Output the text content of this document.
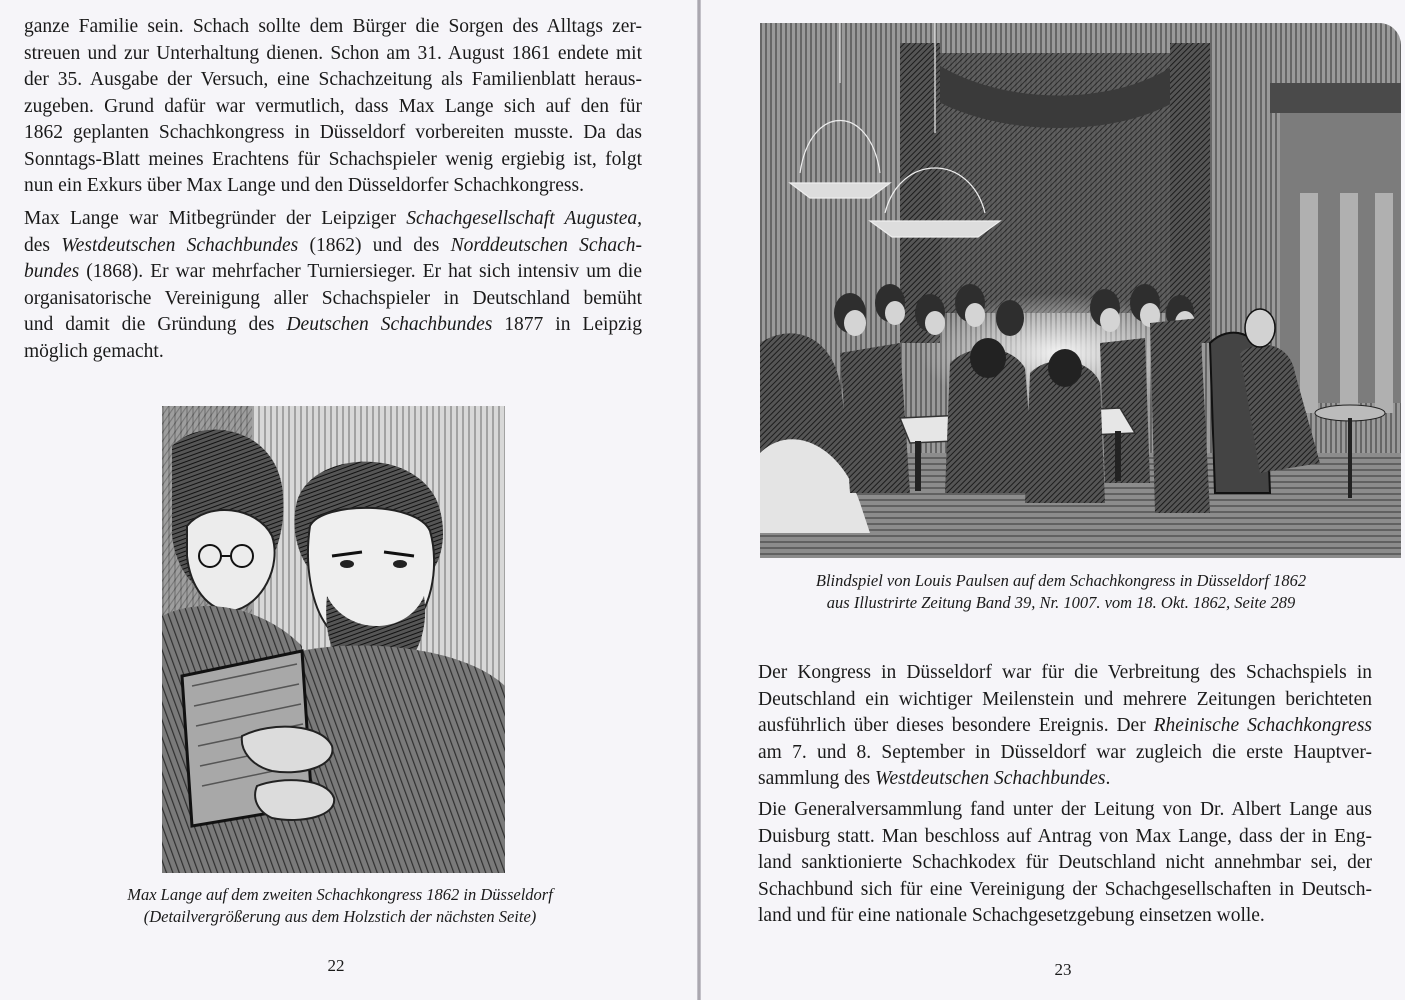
ganze Familie sein. Schach sollte dem Bürger die Sorgen des Alltags zer-
streuen und zur Unterhaltung dienen. Schon am 31. August 1861 endete mit
der 35. Ausgabe der Versuch, eine Schachzeitung als Familienblatt heraus-
zugeben. Grund dafür war vermutlich, dass Max Lange sich auf den für
1862 geplanten Schachkongress in Düsseldorf vorbereiten musste. Da das
Sonntags-Blatt meines Erachtens für Schachspieler wenig ergiebig ist, folgt
nun ein Exkurs über Max Lange und den Düsseldorfer Schachkongress.
Max Lange war Mitbegründer der Leipziger Schachgesellschaft Augustea,
des Westdeutschen Schachbundes (1862) und des Norddeutschen Schach-
bundes (1868). Er war mehrfacher Turniersieger. Er hat sich intensiv um die
organisatorische Vereinigung aller Schachspieler in Deutschland bemüht
und damit die Gründung des Deutschen Schachbundes 1877 in Leipzig
möglich gemacht.
Max Lange auf dem zweiten Schachkongress 1862 in Düsseldorf
(Detailvergrößerung aus dem Holzstich der nächsten Seite)
22
Blindspiel von Louis Paulsen auf dem Schachkongress in Düsseldorf 1862
aus Illustrirte Zeitung Band 39, Nr. 1007. vom 18. Okt. 1862, Seite 289
Der Kongress in Düsseldorf war für die Verbreitung des Schachspiels in
Deutschland ein wichtiger Meilenstein und mehrere Zeitungen berichteten
ausführlich über dieses besondere Ereignis. Der Rheinische Schachkongress
am 7. und 8. September in Düsseldorf war zugleich die erste Hauptver-
sammlung des Westdeutschen Schachbundes.
Die Generalversammlung fand unter der Leitung von Dr. Albert Lange aus
Duisburg statt. Man beschloss auf Antrag von Max Lange, dass der in Eng-
land sanktionierte Schachkodex für Deutschland nicht annehmbar sei, der
Schachbund sich für eine Vereinigung der Schachgesellschaften in Deutsch-
land und für eine nationale Schachgesetzgebung einsetzen wolle.
23
